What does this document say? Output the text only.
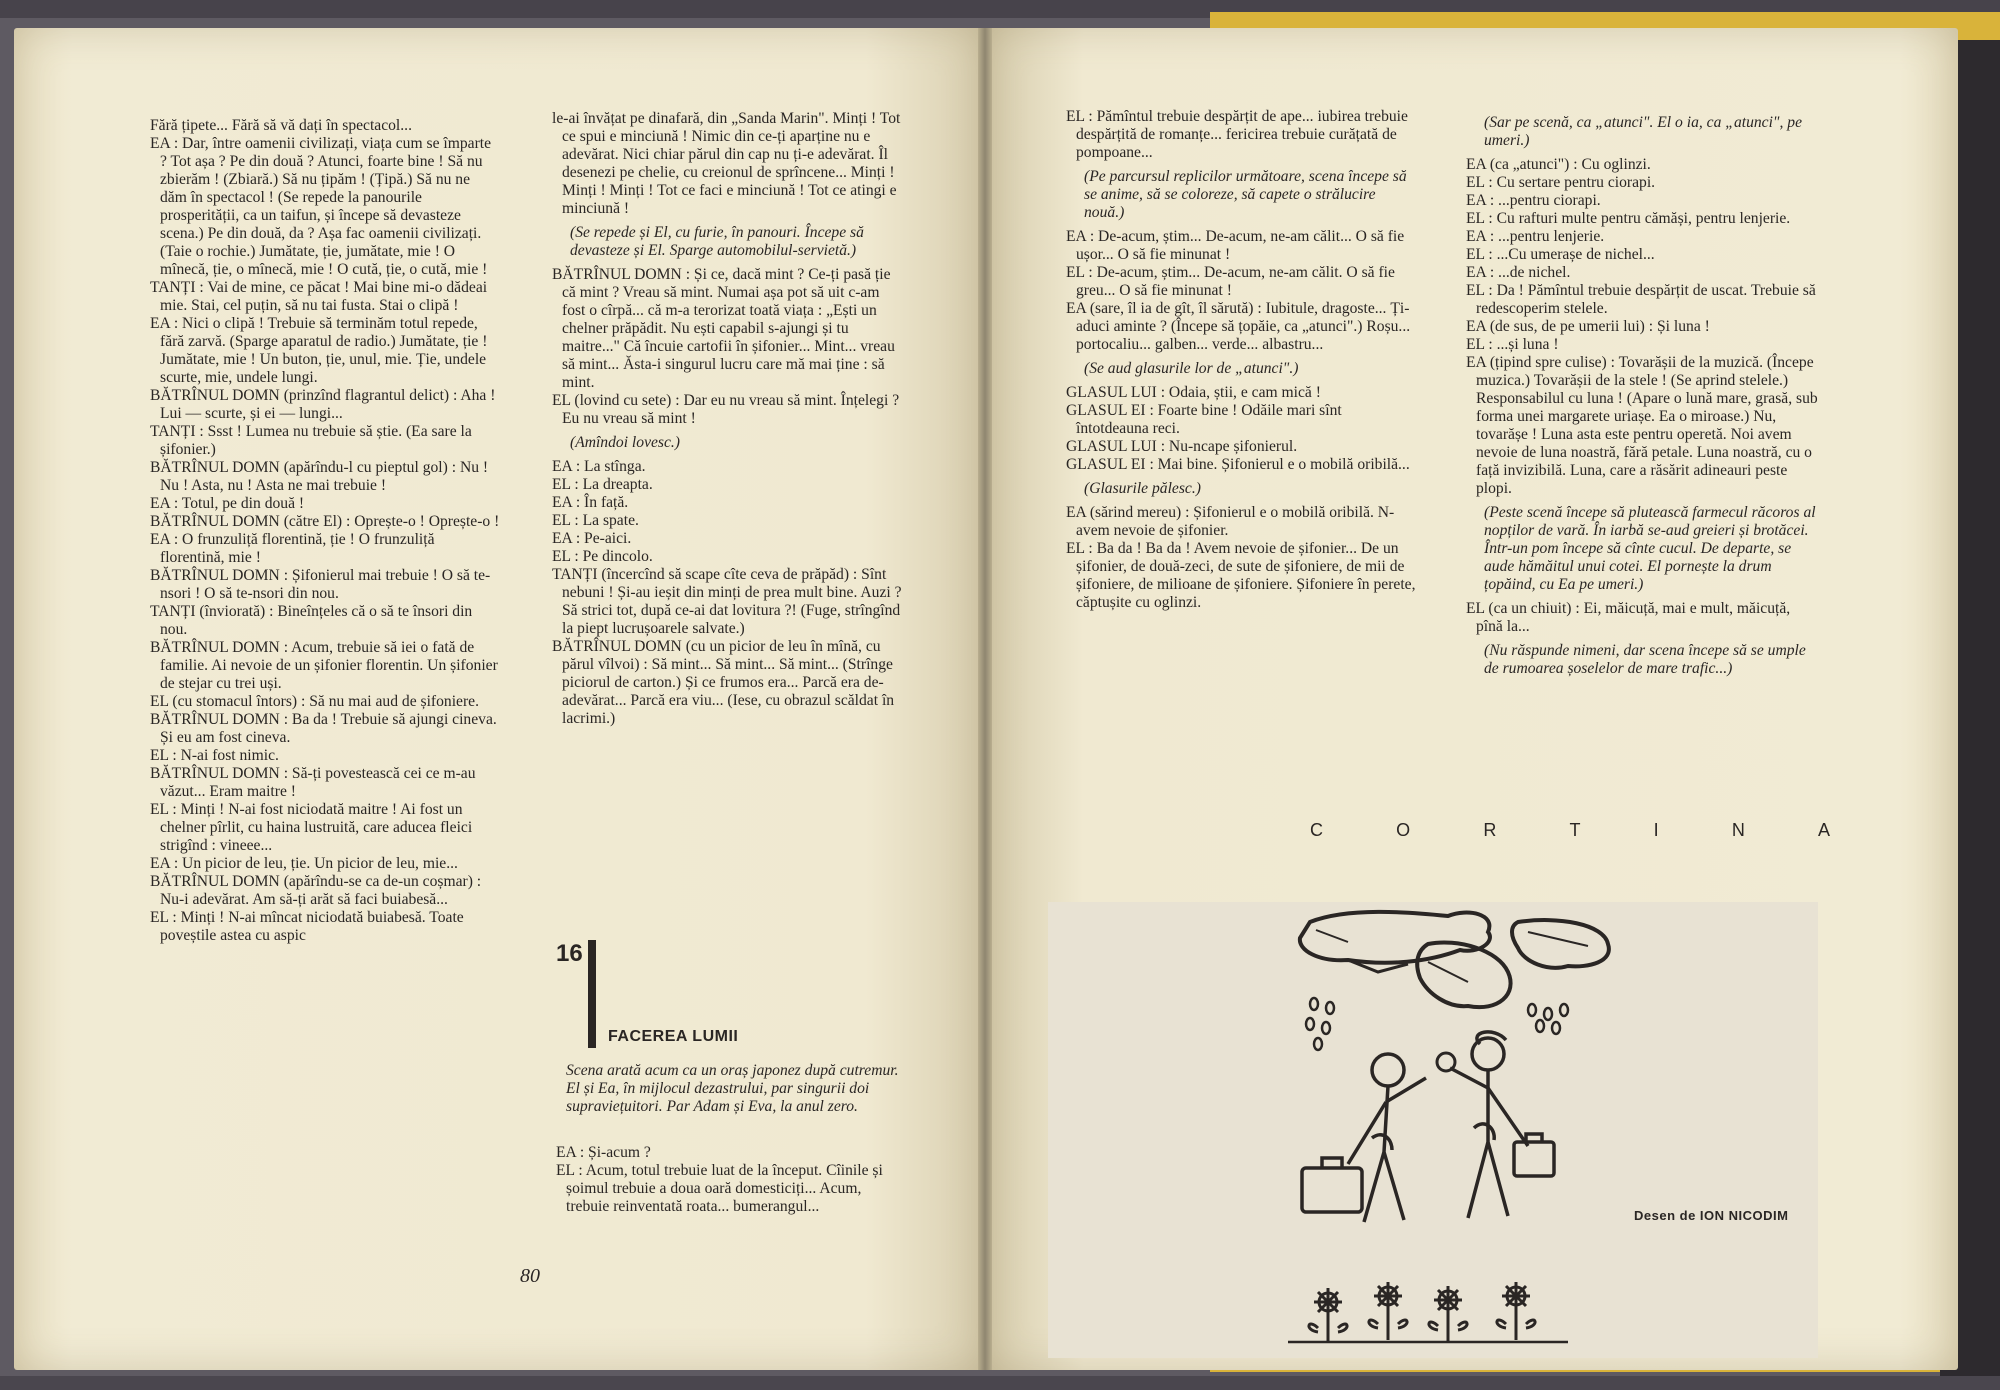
Fără țipete... Fără să vă dați în spectacol...

EA : Dar, între oamenii civilizați, viața cum se împarte ? Tot așa ? Pe din două ? Atunci, foarte bine ! Să nu zbierăm ! (Zbiară.) Să nu țipăm ! (Țipă.) Să nu ne dăm în spectacol ! (Se repede la panourile prosperității, ca un taifun, și începe să devasteze scena.) Pe din două, da ? Așa fac oamenii civilizați. (Taie o rochie.) Jumătate, ție, jumătate, mie ! O mînecă, ție, o mînecă, mie ! O cută, ție, o cută, mie !

TANȚI : Vai de mine, ce păcat ! Mai bine mi-o dădeai mie. Stai, cel puțin, să nu tai fusta. Stai o clipă !

EA : Nici o clipă ! Trebuie să terminăm totul repede, fără zarvă. (Sparge aparatul de radio.) Jumătate, ție ! Jumătate, mie ! Un buton, ție, unul, mie. Ție, undele scurte, mie, undele lungi.

BĂTRÎNUL DOMN (prinzînd flagrantul delict) : Aha ! Lui — scurte, și ei — lungi...

TANȚI : Ssst ! Lumea nu trebuie să știe. (Ea sare la șifonier.)

BĂTRÎNUL DOMN (apărîndu-l cu pieptul gol) : Nu ! Nu ! Asta, nu ! Asta ne mai trebuie !

EA : Totul, pe din două !

BĂTRÎNUL DOMN (către El) : Oprește-o ! Oprește-o !

EA : O frunzuliță florentină, ție ! O frunzuliță florentină, mie !

BĂTRÎNUL DOMN : Șifonierul mai trebuie ! O să te-nsori ! O să te-nsori din nou.

TANȚI (înviorată) : Bineînțeles că o să te însori din nou.

BĂTRÎNUL DOMN : Acum, trebuie să iei o fată de familie. Ai nevoie de un șifonier florentin. Un șifonier de stejar cu trei uși.

EL (cu stomacul întors) : Să nu mai aud de șifoniere.

BĂTRÎNUL DOMN : Ba da ! Trebuie să ajungi cineva. Și eu am fost cineva.

EL : N-ai fost nimic.

BĂTRÎNUL DOMN : Să-ți povestească cei ce m-au văzut... Eram maitre !

EL : Minți ! N-ai fost niciodată maitre ! Ai fost un chelner pîrlit, cu haina lustruită, care aducea fleici strigînd : vineee...

EA : Un picior de leu, ție. Un picior de leu, mie...

BĂTRÎNUL DOMN (apărîndu-se ca de-un coșmar) : Nu-i adevărat. Am să-ți arăt să faci buiabesă...

EL : Minți ! N-ai mîncat niciodată buiabesă. Toate poveștile astea cu aspic

le-ai învățat pe dinafară, din „Sanda Marin". Minți ! Tot ce spui e minciună ! Nimic din ce-ți aparține nu e adevărat. Nici chiar părul din cap nu ți-e adevărat. Îl desenezi pe chelie, cu creionul de sprîncene... Minți ! Minți ! Minți ! Tot ce faci e minciună ! Tot ce atingi e minciună !

(Se repede și El, cu furie, în panouri. Începe să devasteze și El. Sparge automobilul-servietă.)

BĂTRÎNUL DOMN : Și ce, dacă mint ? Ce-ți pasă ție că mint ? Vreau să mint. Numai așa pot să uit c-am fost o cîrpă... că m-a terorizat toată viața : „Ești un chelner prăpădit. Nu ești capabil s-ajungi și tu maitre..." Că încuie cartofii în șifonier... Mint... vreau să mint... Ăsta-i singurul lucru care mă mai ține : să mint.

EL (lovind cu sete) : Dar eu nu vreau să mint. Înțelegi ? Eu nu vreau să mint !

(Amîndoi lovesc.)

EA : La stînga.

EL : La dreapta.

EA : În față.

EL : La spate.

EA : Pe-aici.

EL : Pe dincolo.

TANȚI (încercînd să scape cîte ceva de prăpăd) : Sînt nebuni ! Și-au ieșit din minți de prea mult bine. Auzi ? Să strici tot, după ce-ai dat lovitura ?! (Fuge, strîngînd la piept lucrușoarele salvate.)

BĂTRÎNUL DOMN (cu un picior de leu în mînă, cu părul vîlvoi) : Să mint... Să mint... Să mint... (Strînge piciorul de carton.) Și ce frumos era... Parcă era de-adevărat... Parcă era viu... (Iese, cu obrazul scăldat în lacrimi.)

16
FACEREA LUMII
Scena arată acum ca un oraș japonez după cutremur. El și Ea, în mijlocul dezastrului, par singurii doi supraviețuitori. Par Adam și Eva, la anul zero.

EA : Și-acum ?

EL : Acum, totul trebuie luat de la început. Cîinile și șoimul trebuie a doua oară domesticiți... Acum, trebuie reinventată roata... bumerangul...

80

EL : Pămîntul trebuie despărțit de ape... iubirea trebuie despărțită de romanțe... fericirea trebuie curățată de pompoane...

(Pe parcursul replicilor următoare, scena începe să se anime, să se coloreze, să capete o strălucire nouă.)

EA : De-acum, știm... De-acum, ne-am călit... O să fie ușor... O să fie minunat !

EL : De-acum, știm... De-acum, ne-am călit. O să fie greu... O să fie minunat !

EA (sare, îl ia de gît, îl sărută) : Iubitule, dragoste... Ți-aduci aminte ? (Începe să țopăie, ca „atunci".) Roșu... portocaliu... galben... verde... albastru...

(Se aud glasurile lor de „atunci".)

GLASUL LUI : Odaia, știi, e cam mică !

GLASUL EI : Foarte bine ! Odăile mari sînt întotdeauna reci.

GLASUL LUI : Nu-ncape șifonierul.

GLASUL EI : Mai bine. Șifonierul e o mobilă oribilă...

(Glasurile pălesc.)

EA (sărind mereu) : Șifonierul e o mobilă oribilă. N-avem nevoie de șifonier.

EL : Ba da ! Ba da ! Avem nevoie de șifonier... De un șifonier, de două-zeci, de sute de șifoniere, de mii de șifoniere, de milioane de șifoniere. Șifoniere în perete, căptușite cu oglinzi.

(Sar pe scenă, ca „atunci". El o ia, ca „atunci", pe umeri.)

EA (ca „atunci") : Cu oglinzi.

EL : Cu sertare pentru ciorapi.

EA : ...pentru ciorapi.

EL : Cu rafturi multe pentru cămăși, pentru lenjerie.

EA : ...pentru lenjerie.

EL : ...Cu umerașe de nichel...

EA : ...de nichel.

EL : Da ! Pămîntul trebuie despărțit de uscat. Trebuie să redescoperim stelele.

EA (de sus, de pe umerii lui) : Și luna !

EL : ...și luna !

EA (țipind spre culise) : Tovarășii de la muzică. (Începe muzica.) Tovarășii de la stele ! (Se aprind stelele.) Responsabilul cu luna ! (Apare o lună mare, grasă, sub forma unei margarete uriașe. Ea o miroase.) Nu, tovarășe ! Luna asta este pentru operetă. Noi avem nevoie de luna noastră, fără petale. Luna noastră, cu o față invizibilă. Luna, care a răsărit adineauri peste plopi.

(Peste scenă începe să plutească farmecul răcoros al nopților de vară. În iarbă se-aud greieri și brotăcei. Într-un pom începe să cînte cucul. De departe, se aude hămăitul unui cotei. El pornește la drum țopăind, cu Ea pe umeri.)

EL (ca un chiuit) : Ei, măicuță, mai e mult, măicuță, pînă la...

(Nu răspunde nimeni, dar scena începe să se umple de rumoarea șoselelor de mare trafic...)

C	O	R	T	I	N	A
Desen de ION NICODIM
